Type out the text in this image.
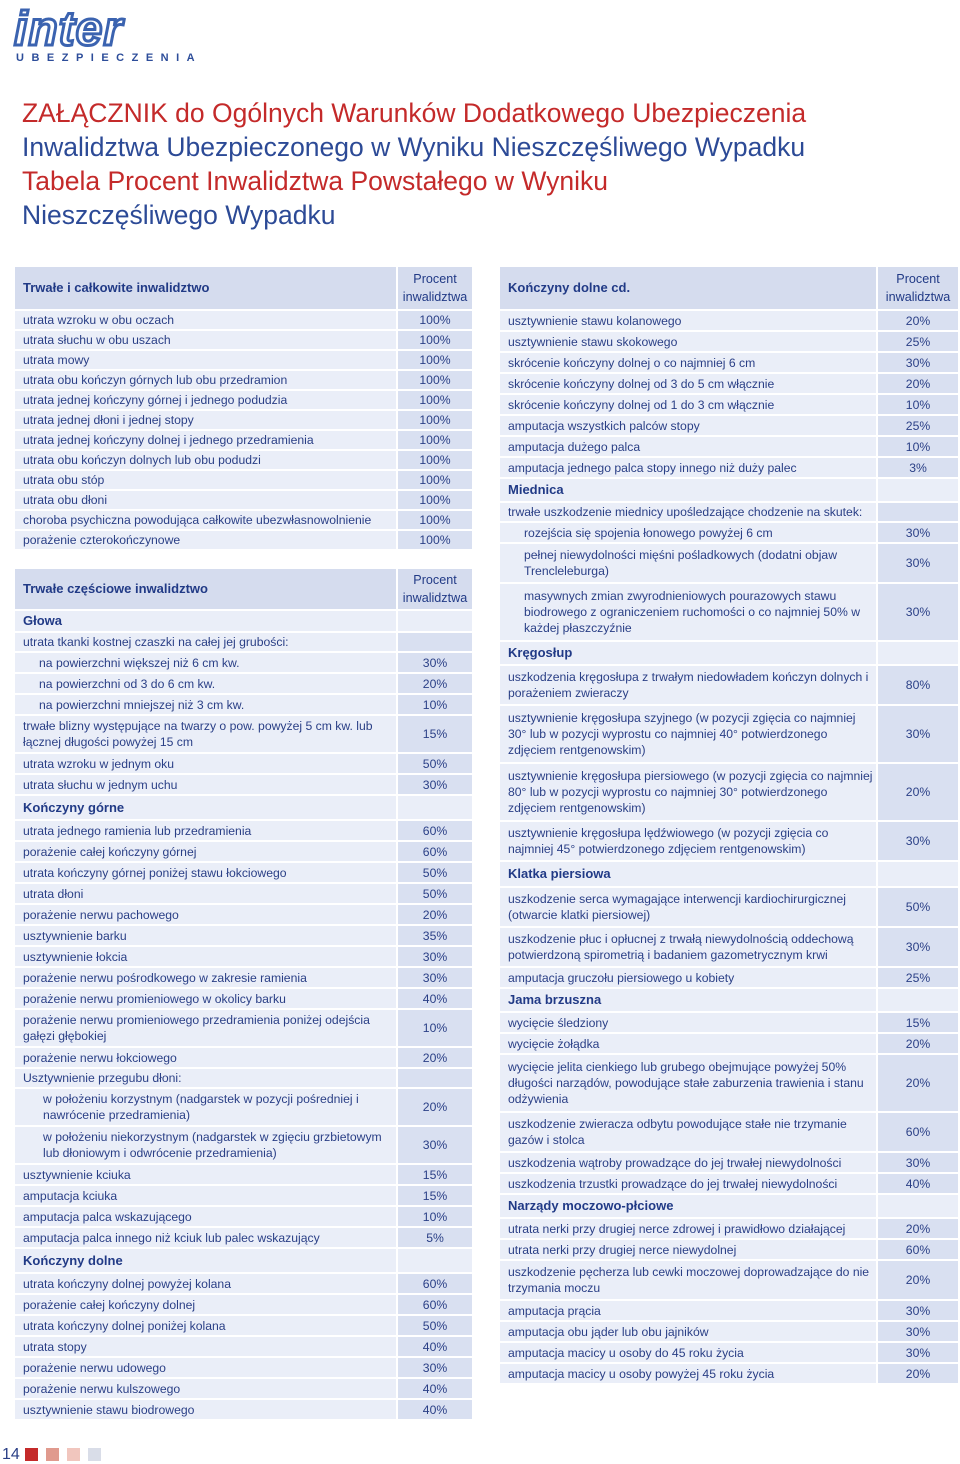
inter
UBEZPIECZENIA
ZAŁĄCZNIK do Ogólnych Warunków Dodatkowego Ubezpieczenia
Inwalidztwa Ubezpieczonego w Wyniku Nieszczęśliwego Wypadku
Tabela Procent Inwalidztwa Powstałego w Wyniku
Nieszczęśliwego Wypadku
Trwałe i całkowite inwalidztwo	Procent inwalidztwa
utrata wzroku w obu oczach	100%
utrata słuchu w obu uszach	100%
utrata mowy	100%
utrata obu kończyn górnych lub obu przedramion	100%
utrata jednej kończyny górnej i jednego podudzia	100%
utrata jednej dłoni i jednej stopy	100%
utrata jednej kończyny dolnej i jednego przedramienia	100%
utrata obu kończyn dolnych lub obu podudzi	100%
utrata obu stóp	100%
utrata obu dłoni	100%
choroba psychiczna powodująca całkowite ubezwłasnowolnienie	100%
porażenie czterokończynowe	100%

Trwałe częściowe inwalidztwo	Procent inwalidztwa
Głowa	
utrata tkanki kostnej czaszki na całej jej grubości:	
na powierzchni większej niż 6 cm kw.	30%
na powierzchni od 3 do 6 cm kw.	20%
na powierzchni mniejszej niż 3 cm kw.	10%
trwałe blizny występujące na twarzy o pow. powyżej 5 cm kw. lub łącznej długości powyżej 15 cm	15%
utrata wzroku w jednym oku	50%
utrata słuchu w jednym uchu	30%
Kończyny górne	
utrata jednego ramienia lub przedramienia	60%
porażenie całej kończyny górnej	60%
utrata kończyny górnej poniżej stawu łokciowego	50%
utrata dłoni	50%
porażenie nerwu pachowego	20%
usztywnienie barku	35%
usztywnienie łokcia	30%
porażenie nerwu pośrodkowego w zakresie ramienia	30%
porażenie nerwu promieniowego w okolicy barku	40%
porażenie nerwu promieniowego przedramienia poniżej odejścia gałęzi głębokiej	10%
porażenie nerwu łokciowego	20%
Usztywnienie przegubu dłoni:	
w położeniu korzystnym (nadgarstek w pozycji pośredniej i nawrócenie przedramienia)	20%
w położeniu niekorzystnym (nadgarstek w zgięciu grzbietowym lub dłoniowym i odwrócenie przedramienia)	30%
usztywnienie kciuka	15%
amputacja kciuka	15%
amputacja palca wskazującego	10%
amputacja palca innego niż kciuk lub palec wskazujący	5%
Kończyny dolne	
utrata kończyny dolnej powyżej kolana	60%
porażenie całej kończyny dolnej	60%
utrata kończyny dolnej poniżej kolana	50%
utrata stopy	40%
porażenie nerwu udowego	30%
porażenie nerwu kulszowego	40%
usztywnienie stawu biodrowego	40%
Kończyny dolne cd.	Procent inwalidztwa
usztywnienie stawu kolanowego	20%
usztywnienie stawu skokowego	25%
skrócenie kończyny dolnej o co najmniej 6 cm	30%
skrócenie kończyny dolnej od 3 do 5 cm włącznie	20%
skrócenie kończyny dolnej od 1 do 3 cm włącznie	10%
amputacja wszystkich palców stopy	25%
amputacja dużego palca	10%
amputacja jednego palca stopy innego niż duży palec	3%
Miednica	
trwałe uszkodzenie miednicy upośledzające chodzenie na skutek:	
rozejścia się spojenia łonowego powyżej 6 cm	30%
pełnej niewydolności mięśni pośladkowych (dodatni objaw Trencleleburga)	30%
masywnych zmian zwyrodnieniowych pourazowych stawu biodrowego z ograniczeniem ruchomości o co najmniej 50% w każdej płaszczyźnie	30%
Kręgosłup	
uszkodzenia kręgosłupa z trwałym niedowładem kończyn dolnych i porażeniem zwieraczy	80%
usztywnienie kręgosłupa szyjnego (w pozycji zgięcia co najmniej 30° lub w pozycji wyprostu co najmniej 40° potwierdzonego zdjęciem rentgenowskim)	30%
usztywnienie kręgosłupa piersiowego (w pozycji zgięcia co najmniej 80° lub w pozycji wyprostu co najmniej 30° potwierdzonego zdjęciem rentgenowskim)	20%
usztywnienie kręgosłupa lędźwiowego (w pozycji zgięcia co najmniej 45° potwierdzonego zdjęciem rentgenowskim)	30%
Klatka piersiowa	
uszkodzenie serca wymagające interwencji kardiochirurgicznej (otwarcie klatki piersiowej)	50%
uszkodzenie płuc i opłucnej z trwałą niewydolnością oddechową potwierdzoną spirometrią i badaniem gazometrycznym krwi	30%
amputacja gruczołu piersiowego u kobiety	25%
Jama brzuszna	
wycięcie śledziony	15%
wycięcie żołądka	20%
wycięcie jelita cienkiego lub grubego obejmujące powyżej 50% długości narządów, powodujące stałe zaburzenia trawienia i stanu odżywienia	20%
uszkodzenie zwieracza odbytu powodujące stałe nie trzymanie gazów i stolca	60%
uszkodzenia wątroby prowadzące do jej trwałej niewydolności	30%
uszkodzenia trzustki prowadzące do jej trwałej niewydolności	40%
Narządy moczowo-płciowe	
utrata nerki przy drugiej nerce zdrowej i prawidłowo działającej	20%
utrata nerki przy drugiej nerce niewydolnej	60%
uszkodzenie pęcherza lub cewki moczowej doprowadzające do nie trzymania moczu	20%
amputacja prącia	30%
amputacja obu jąder lub obu jajników	30%
amputacja macicy u osoby do 45 roku życia	30%
amputacja macicy u osoby powyżej 45 roku życia	20%
14
